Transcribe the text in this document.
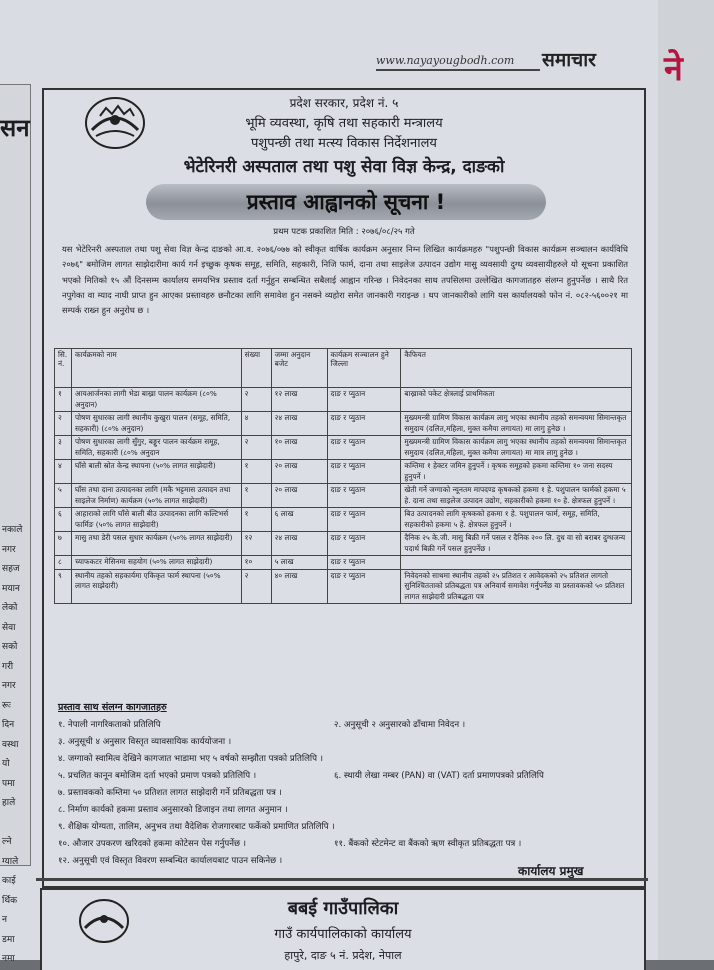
www.nayayougbodh.com समाचार
सन
नकाले
नगर
सहज
मयान
लेको
सेवा
सको
गरी
नगर
रूः
दिन
वस्था
यो
पमा
हाले
ल्ने
ग्याले
काई
र्थिक
न
डमा
नमा
प्रदेश सरकार, प्रदेश नं. ५
भूमि व्यवस्था, कृषि तथा सहकारी मन्त्रालय
पशुपन्छी तथा मत्स्य विकास निर्देशनालय
भेटेरिनरी अस्पताल तथा पशु सेवा विज्ञ केन्द्र, दाङको
प्रस्ताव आह्वानको सूचना !
प्रथम पटक प्रकाशित मिति : २०७६/०८/२५ गते
यस भेटेरिनरी अस्पताल तथा पशु सेवा विज्ञ केन्द्र दाङको आ.व. २०७६/०७७ को स्वीकृत वार्षिक कार्यक्रम अनुसार निम्न लिखित कार्यक्रमहरु "पशुपन्छी विकास कार्यक्रम सञ्चालन कार्यविधि २०७६" बमोजिम लागत साझेदारीमा कार्य गर्न इच्छुक कृषक समूह, समिति, सहकारी, निजि फार्म, दाना तथा साइलेज उत्पादन उद्योग मासु व्यवसायी दुग्ध व्यवसायीहरुले यो सूचना प्रकाशित भएको मितिको १५ औं दिनसम्म कार्यालय समयभित्र प्रस्ताव दर्ता गर्नुहुन सम्बन्धित सबैलाई आह्वान गरिन्छ । निवेदनका साथ तपसिलमा उल्लेखित कागजातहरु संलग्न हुनुपर्नेछ । साथै रित नपुगेका वा म्याद नाघी प्राप्त हुन आएका प्रस्तावहरु छनौटका लागि समावेश हुन नसक्ने व्यहोरा समेत जानकारी गराइन्छ । थप जानकारीको लागि यस कार्यालयको फोन नं. ०८२-५६००२१ मा सम्पर्क राख्न हुन अनुरोध छ ।
सि. नं.	कार्यक्रमको नाम	संख्या	जम्मा अनुदान बजेट	कार्यक्रम सञ्चालन हुने जिल्ला	कैफियत
१	आयआर्जनका लागी भेडा बाख्रा पालन कार्यक्रम (८०% अनुदान)	२	१२ लाख	दाङ र प्युठान	बाख्राको पकेट क्षेत्रलाई प्राथमिकता
२	पोषण सुधारका लागी स्थानीय कुखुरा पालन (समूह, समिति, सहकारी) (८०% अनुदान)	४	२४ लाख	दाङ र प्युठान	मुख्यमन्त्री ग्रामिण विकास कार्यक्रम लागु भएका स्थानीय तहको समन्वयमा सिमान्तकृत समुदाय (दलित,महिला, मुक्त कमैया लगायत) मा लागु हुनेछ ।
३	पोषण सुधारका लागी सुँगुर, बङ्गुर पालन कार्यक्रम समूह, समिति, सहकारी (८०% अनुदान	२	१० लाख	दाङ र प्युठान	मुख्यमन्त्री ग्रामिण विकास कार्यक्रम लागु भएका स्थानीय तहको समन्वयमा सिमान्तकृत समुदाय (दलित,महिला, मुक्त कमैया लगायत) मा मात्र लागु हुनेछ ।
४	घाँसे बाली स्रोत केन्द्र स्थापना (५०% लागत साझेदारी)	१	२० लाख	दाङ र प्युठान	कम्तिमा १ हेक्टर जमिन हुनुपर्ने । कृषक समूहको हकमा कम्तिमा १० जना सदस्य हुनुपर्ने ।
५	घाँस तथा दाना उत्पादनका लागि (मकै भट्टमास उत्पादन तथा साइलेज निर्माण) कार्यक्रम (५०% लागत साझेदारी)	१	२० लाख	दाङ र प्युठान	खेती गर्ने जग्गाको न्यूनतम मापदण्ड कृषकको हकमा १ हे. पशुपालन फार्मको हकमा ५ हे. दाना तथा साइलेज उत्पादन उद्योग, सहकारीको हकमा १० हे. क्षेत्रफल हुनुपर्ने ।
६	आहाराको लागि घाँसे बाली बीउ उत्पादनका लागि कल्टिभर्स फार्मिङ (५०% लागत साझेदारी)	१	६ लाख	दाङ र प्युठान	बिउ उत्पादनको लागि कृषकको हकमा १ हे. पशुपालन फार्म, समूह, समिति, सहकारीको हकमा ५ हे. क्षेत्रफल हुनुपर्ने ।
७	मासु तथा डेरी पसल सुधार कार्यक्रम (५०% लागत साझेदारी)	१२	२४ लाख	दाङ र प्युठान	दैनिक २५ के.जी. मासु बिक्री गर्ने पसल र दैनिक २०० लि. दुध वा सो बराबर दुग्धजन्य पदार्थ बिक्री गर्ने पसल हुनुपर्नेछ ।
८	च्याफकटर मेसिनमा सहयोग (५०% लागत साझेदारी)	१०	५ लाख	दाङ र प्युठान	
९	स्थानीय तहको सहकार्यमा एकिकृत फार्म स्थापना (५०% लागत साझेदारी)	२	४० लाख	दाङ र प्युठान	निवेदनको साथमा स्थानीय तहको २५ प्रतिशत र आवेदकको २५ प्रतिशत लागतो सुनिश्चितताको प्रतिबद्धता पत्र अनिवार्य समावेश गर्नुपर्नेछ वा प्रस्तावकको ५० प्रतिशत लागत साझेदारी प्रतिबद्धता पत्र
प्रस्ताव साथ संलग्न कागजातहरु
१. नेपाली नागरिकताको प्रतिलिपि	२. अनुसूची २ अनुसारको ढाँचामा निवेदन ।
३. अनुसूची ४ अनुसार विस्तृत व्यावसायिक कार्ययोजना ।
४. जग्गाको स्वामित्व देखिने कागजात भाडामा भए ५ वर्षको सम्झौता पत्रको प्रतिलिपि ।
५. प्रचलित कानून बमोजिम दर्ता भएको प्रमाण पत्रको प्रतिलिपि ।	६. स्थायी लेखा नम्बर (PAN) वा (VAT) दर्ता प्रमाणपत्रको प्रतिलिपि
७. प्रस्तावकको कम्तिमा ५० प्रतिशत लागत साझेदारी गर्ने प्रतिबद्धता पत्र ।
८. निर्माण कार्यको हकमा प्रस्ताव अनुसारको डिजाइन तथा लागत अनुमान ।
९. शैक्षिक योग्यता, तालिम, अनुभव तथा वैदेशिक रोजगारबाट फर्केको प्रमाणित प्रतिलिपि ।
१०. औजार उपकरण खरिदको हकमा कोटेसन पेस गर्नुपर्नेछ ।	११. बैंकको स्टेटमेन्ट वा बैंकको ऋण स्वीकृत प्रतिबद्धता पत्र ।
१२. अनुसूची एवं विस्तृत विवरण सम्बन्धित कार्यालयबाट पाउन सकिनेछ ।
कार्यालय प्रमुख
बबई गाउँपालिका
गाउँ कार्यपालिकाको कार्यालय
हापुरे, दाङ ५ नं. प्रदेश, नेपाल
ने
